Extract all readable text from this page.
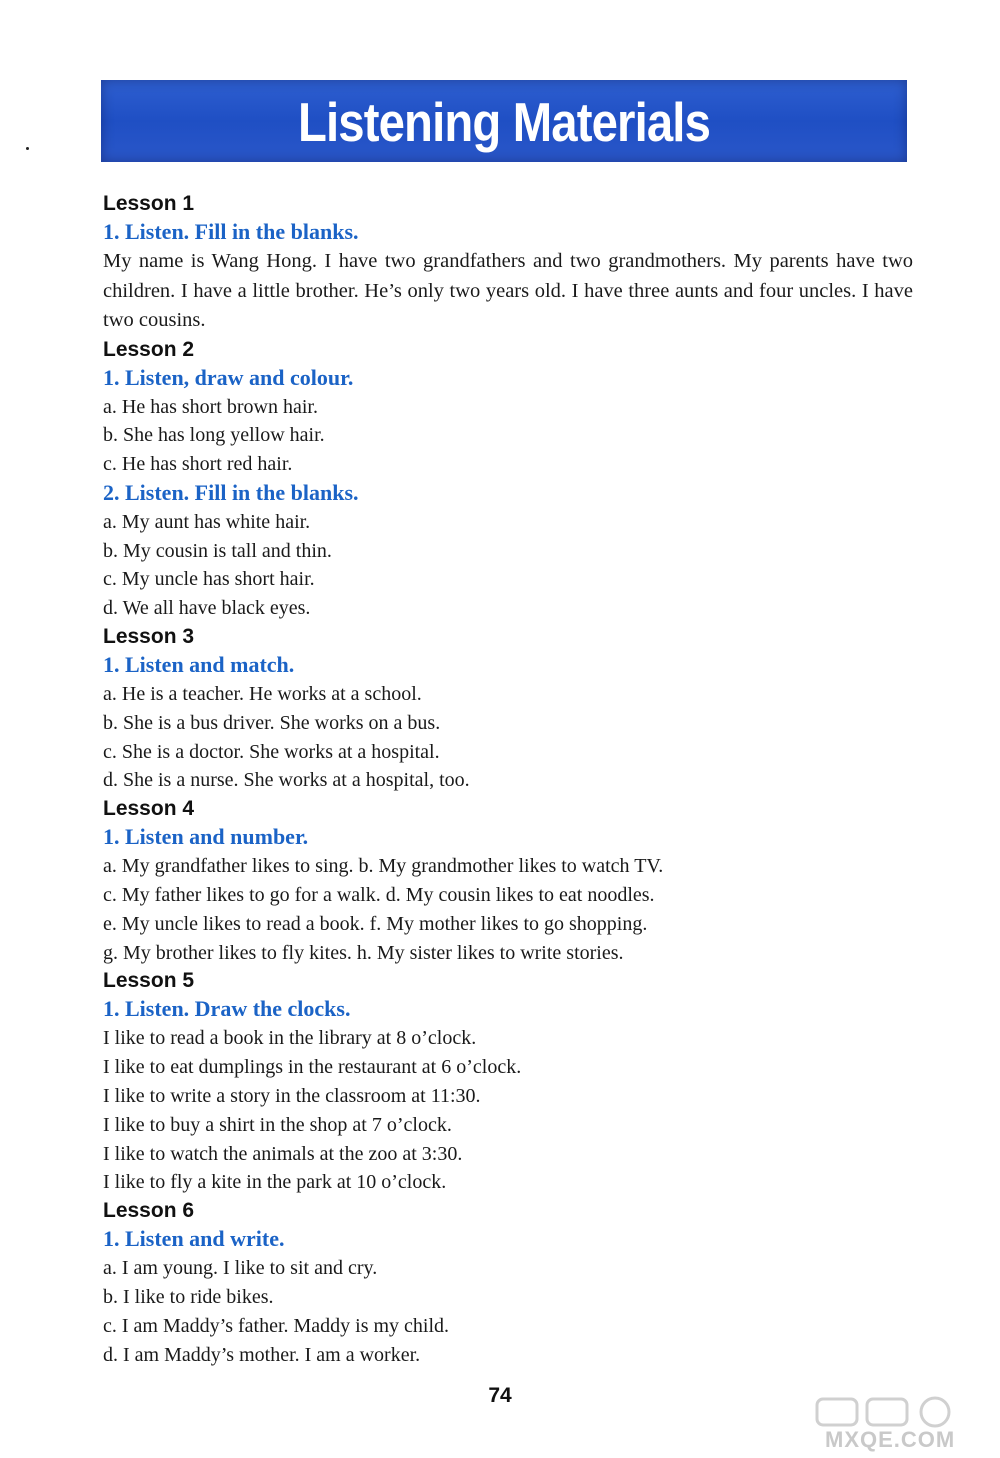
Listening Materials
Lesson 1
1. Listen. Fill in the blanks.
My name is Wang Hong. I have two grandfathers and two grandmothers. My parents have two children. I have a little brother. He’s only two years old. I have three aunts and four uncles. I have two cousins.
Lesson 2
1. Listen, draw and colour.
a. He has short brown hair.
b. She has long yellow hair.
c. He has short red hair.
2. Listen. Fill in the blanks.
a. My aunt has white hair.
b. My cousin is tall and thin.
c. My uncle has short hair.
d. We all have black eyes.
Lesson 3
1. Listen and match.
a. He is a teacher. He works at a school.
b. She is a bus driver. She works on a bus.
c. She is a doctor. She works at a hospital.
d. She is a nurse. She works at a hospital, too.
Lesson 4
1. Listen and number.
a. My grandfather likes to sing. b. My grandmother likes to watch TV.
c. My father likes to go for a walk. d. My cousin likes to eat noodles.
e. My uncle likes to read a book. f. My mother likes to go shopping.
g. My brother likes to fly kites. h. My sister likes to write stories.
Lesson 5
1. Listen. Draw the clocks.
I like to read a book in the library at 8 o’clock.
I like to eat dumplings in the restaurant at 6 o’clock.
I like to write a story in the classroom at 11:30.
I like to buy a shirt in the shop at 7 o’clock.
I like to watch the animals at the zoo at 3:30.
I like to fly a kite in the park at 10 o’clock.
Lesson 6
1. Listen and write.
a. I am young. I like to sit and cry.
b. I like to ride bikes.
c. I am Maddy’s father. Maddy is my child.
d. I am Maddy’s mother. I am a worker.
74
MXQE.COM
